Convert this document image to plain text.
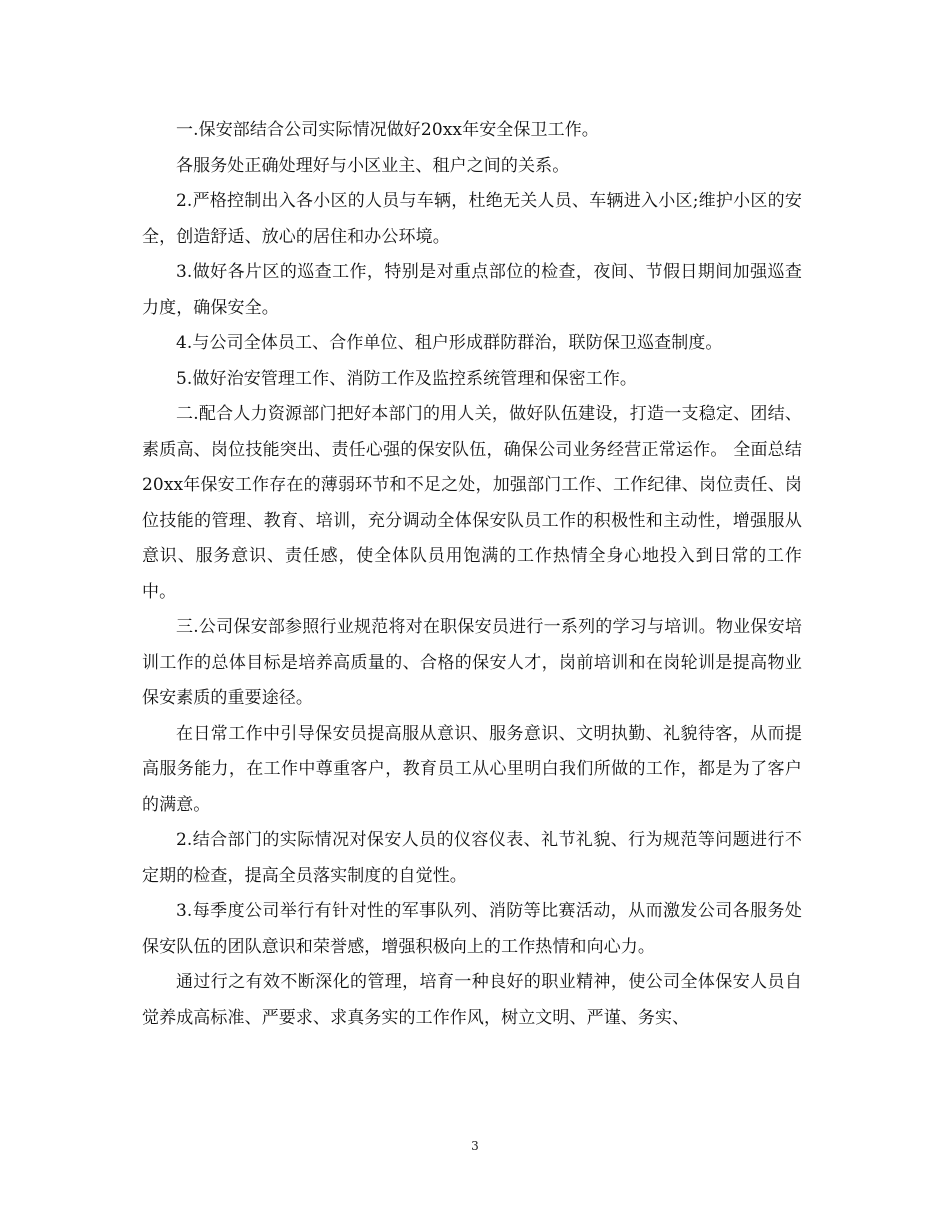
一.保安部结合公司实际情况做好20xx年安全保卫工作。

各服务处正确处理好与小区业主、租户之间的关系。

2.严格控制出入各小区的人员与车辆，杜绝无关人员、车辆进入小区;维护小区的安全，创造舒适、放心的居住和办公环境。

3.做好各片区的巡查工作，特别是对重点部位的检查，夜间、节假日期间加强巡查力度，确保安全。

4.与公司全体员工、合作单位、租户形成群防群治，联防保卫巡查制度。

5.做好治安管理工作、消防工作及监控系统管理和保密工作。

二.配合人力资源部门把好本部门的用人关，做好队伍建设，打造一支稳定、团结、素质高、岗位技能突出、责任心强的保安队伍，确保公司业务经营正常运作。 全面总结20xx年保安工作存在的薄弱环节和不足之处，加强部门工作、工作纪律、岗位责任、岗位技能的管理、教育、培训，充分调动全体保安队员工作的积极性和主动性，增强服从意识、服务意识、责任感，使全体队员用饱满的工作热情全身心地投入到日常的工作中。

三.公司保安部参照行业规范将对在职保安员进行一系列的学习与培训。物业保安培训工作的总体目标是培养高质量的、合格的保安人才，岗前培训和在岗轮训是提高物业保安素质的重要途径。

在日常工作中引导保安员提高服从意识、服务意识、文明执勤、礼貌待客，从而提高服务能力，在工作中尊重客户，教育员工从心里明白我们所做的工作，都是为了客户的满意。

2.结合部门的实际情况对保安人员的仪容仪表、礼节礼貌、行为规范等问题进行不定期的检查，提高全员落实制度的自觉性。

3.每季度公司举行有针对性的军事队列、消防等比赛活动，从而激发公司各服务处保安队伍的团队意识和荣誉感，增强积极向上的工作热情和向心力。

通过行之有效不断深化的管理，培育一种良好的职业精神，使公司全体保安人员自觉养成高标准、严要求、求真务实的工作作风，树立文明、严谨、务实、

3
